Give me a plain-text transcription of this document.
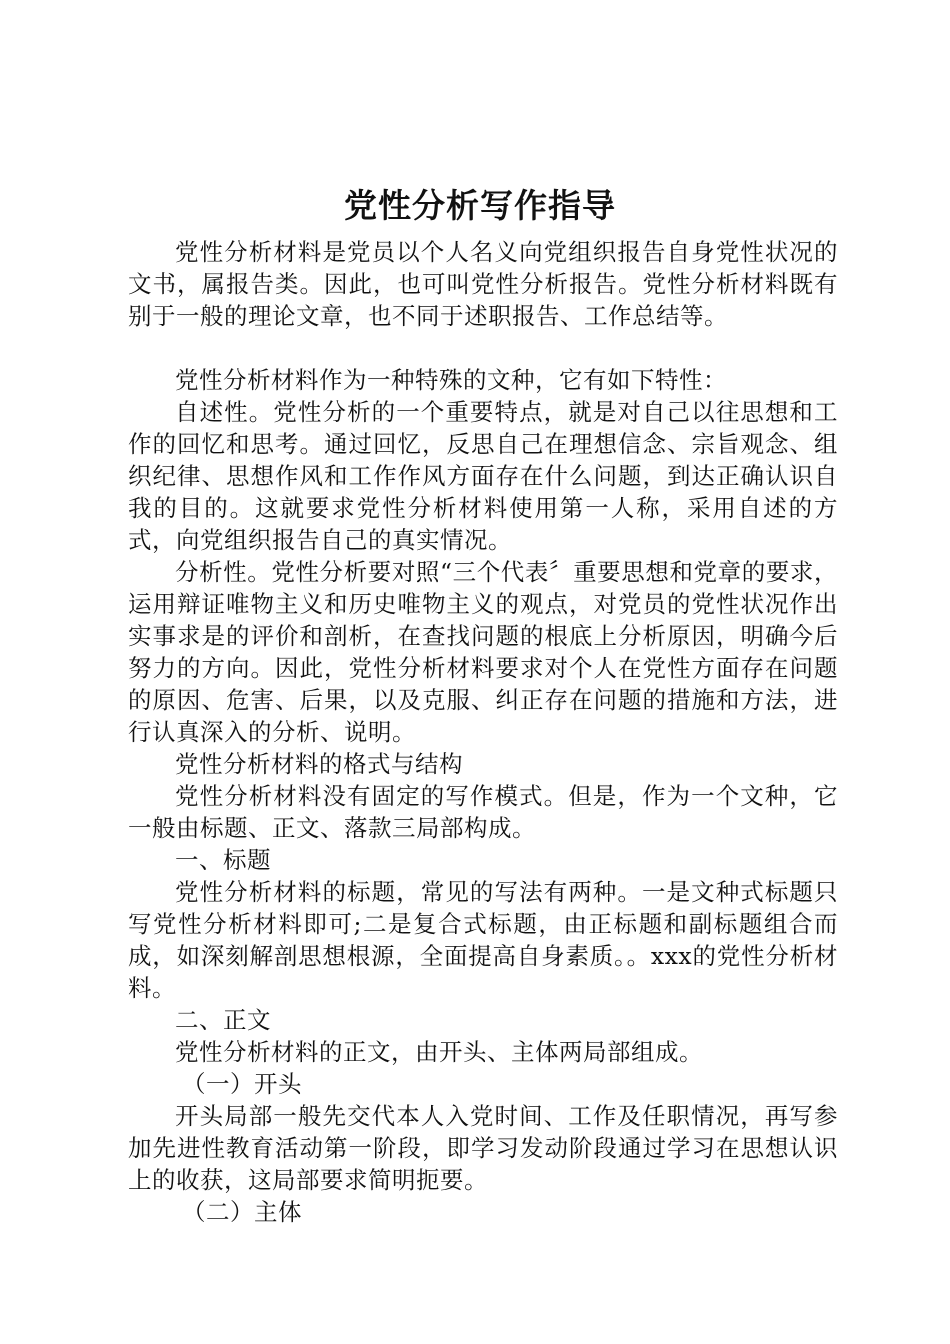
党性分析写作指导

党性分析材料是党员以个人名义向党组织报告自身党性状况的文书，属报告类。因此，也可叫党性分析报告。党性分析材料既有别于一般的理论文章，也不同于述职报告、工作总结等。

党性分析材料作为一种特殊的文种，它有如下特性：

自述性。党性分析的一个重要特点，就是对自己以往思想和工作的回忆和思考。通过回忆，反思自己在理想信念、宗旨观念、组织纪律、思想作风和工作作风方面存在什么问题，到达正确认识自我的目的。这就要求党性分析材料使用第一人称，采用自述的方式，向党组织报告自己的真实情况。

分析性。党性分析要对照“三个代表〞重要思想和党章的要求，运用辩证唯物主义和历史唯物主义的观点，对党员的党性状况作出实事求是的评价和剖析，在查找问题的根底上分析原因，明确今后努力的方向。因此，党性分析材料要求对个人在党性方面存在问题的原因、危害、后果，以及克服、纠正存在问题的措施和方法，进行认真深入的分析、说明。

党性分析材料的格式与结构

党性分析材料没有固定的写作模式。但是，作为一个文种，它一般由标题、正文、落款三局部构成。

一、标题

党性分析材料的标题，常见的写法有两种。一是文种式标题只写党性分析材料即可;二是复合式标题，由正标题和副标题组合而成，如深刻解剖思想根源，全面提高自身素质。。xxx的党性分析材料。

二、正文

党性分析材料的正文，由开头、主体两局部组成。

（一）开头

开头局部一般先交代本人入党时间、工作及任职情况，再写参加先进性教育活动第一阶段，即学习发动阶段通过学习在思想认识上的收获，这局部要求简明扼要。

（二）主体
